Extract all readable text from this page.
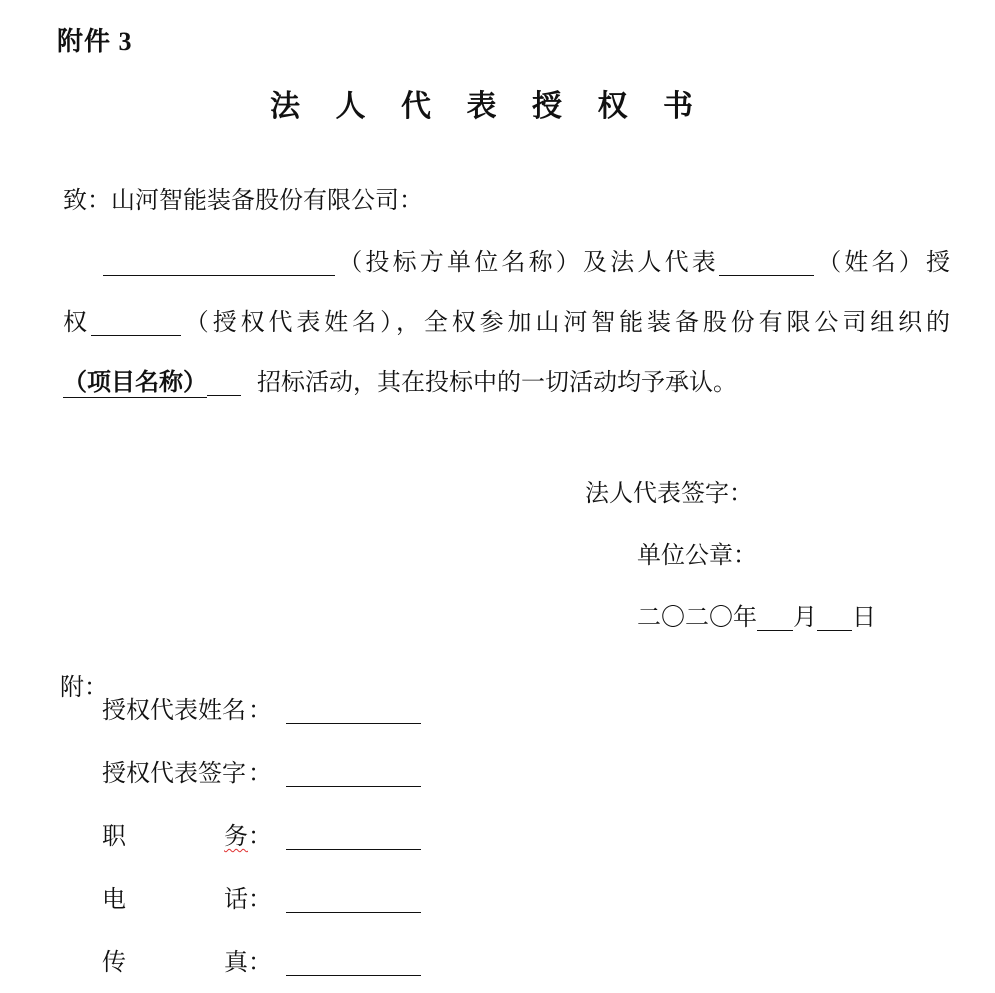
附件 3
法 人 代 表 授 权 书
致：山河智能装备股份有限公司：
（投标方单位名称）及法人代表	（姓名）授
权	（授权代表姓名），全权参加山河智能装备股份有限公司组织的
（项目名称） 招标活动，其在投标中的一切活动均予承认。
法人代表签字：
单位公章：
二〇二〇年 月 日
附：
授权代表姓名 ：
授权代表签字 ：
职	务 ：
电	话 ：
传	真 ：
